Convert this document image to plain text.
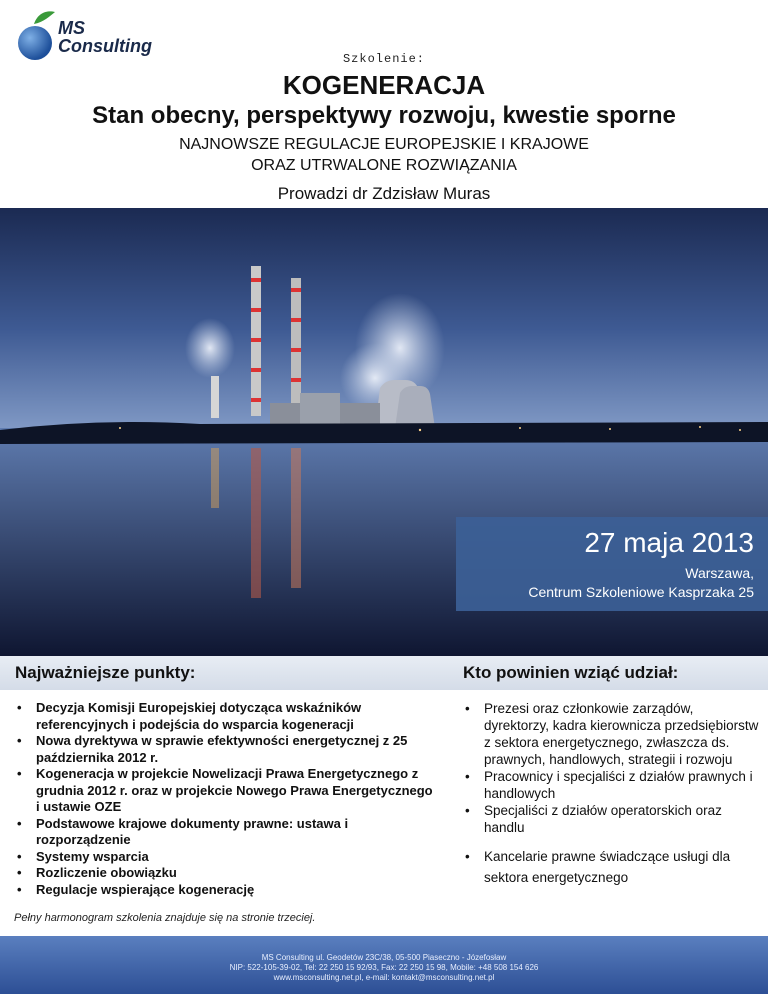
MS
Consulting
Szkolenie:
KOGENERACJA
Stan obecny, perspektywy rozwoju, kwestie sporne
NAJNOWSZE REGULACJE EUROPEJSKIE I KRAJOWE
ORAZ UTRWALONE ROZWIĄZANIA
Prowadzi dr Zdzisław Muras
27 maja 2013
Warszawa,
Centrum Szkoleniowe Kasprzaka 25
Najważniejsze punkty:	Kto powinien wziąć udział:
• Decyzja Komisji Europejskiej dotycząca wskaźników referencyjnych i podejścia do wsparcia kogeneracji
• Nowa dyrektywa w sprawie efektywności energetycznej z 25 października 2012 r.
• Kogeneracja w projekcie Nowelizacji Prawa Energetycznego z grudnia 2012 r. oraz w projekcie Nowego Prawa Energetycznego i ustawie OZE
• Podstawowe krajowe dokumenty prawne: ustawa i rozporządzenie
• Systemy wsparcia
• Rozliczenie obowiązku
• Regulacje wspierające kogenerację
• Prezesi oraz członkowie zarządów, dyrektorzy, kadra kierownicza przedsiębiorstw z sektora energetycznego, zwłaszcza ds. prawnych, handlowych, strategii i rozwoju
• Pracownicy i specjaliści z działów prawnych i handlowych
• Specjaliści z działów operatorskich oraz handlu
• Kancelarie prawne świadczące usługi dla sektora energetycznego
Pełny harmonogram szkolenia znajduje się na stronie trzeciej.
MS Consulting ul. Geodetów 23C/38, 05-500 Piaseczno - Józefosław
NIP: 522-105-39-02, Tel: 22 250 15 92/93, Fax: 22 250 15 98, Mobile: +48 508 154 626
www.msconsulting.net.pl, e-mail: kontakt@msconsulting.net.pl
